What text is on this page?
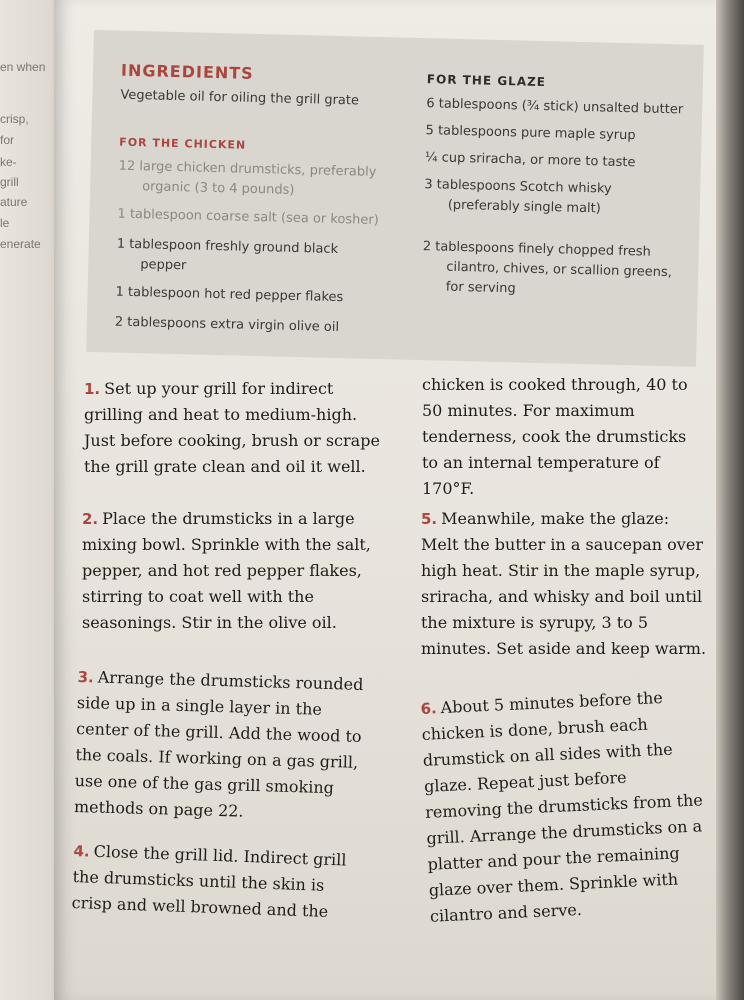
en when
crisp,
for
ke-
grill
ature
le
enerate
INGREDIENTS
Vegetable oil for oiling the grill grate
FOR THE CHICKEN
12 large chicken drumsticks, preferably
organic (3 to 4 pounds)
1 tablespoon coarse salt (sea or kosher)
1 tablespoon freshly ground black
pepper
1 tablespoon hot red pepper flakes
2 tablespoons extra virgin olive oil
FOR THE GLAZE
6 tablespoons (¾ stick) unsalted butter
5 tablespoons pure maple syrup
¼ cup sriracha, or more to taste
3 tablespoons Scotch whisky
(preferably single malt)
2 tablespoons finely chopped fresh
cilantro, chives, or scallion greens,
for serving
1. Set up your grill for indirect grilling and heat to medium-high. Just before cooking, brush or scrape the grill grate clean and oil it well.
2. Place the drumsticks in a large mixing bowl. Sprinkle with the salt, pepper, and hot red pepper flakes, stirring to coat well with the seasonings. Stir in the olive oil.
3. Arrange the drumsticks rounded side up in a single layer in the center of the grill. Add the wood to the coals. If working on a gas grill, use one of the gas grill smoking methods on page 22.
4. Close the grill lid. Indirect grill the drumsticks until the skin is crisp and well browned and the
chicken is cooked through, 40 to 50 minutes. For maximum tenderness, cook the drumsticks to an internal temperature of 170°F.
5. Meanwhile, make the glaze: Melt the butter in a saucepan over high heat. Stir in the maple syrup, sriracha, and whisky and boil until the mixture is syrupy, 3 to 5 minutes. Set aside and keep warm.
6. About 5 minutes before the chicken is done, brush each drumstick on all sides with the glaze. Repeat just before removing the drumsticks from the grill. Arrange the drumsticks on a platter and pour the remaining glaze over them. Sprinkle with cilantro and serve.
